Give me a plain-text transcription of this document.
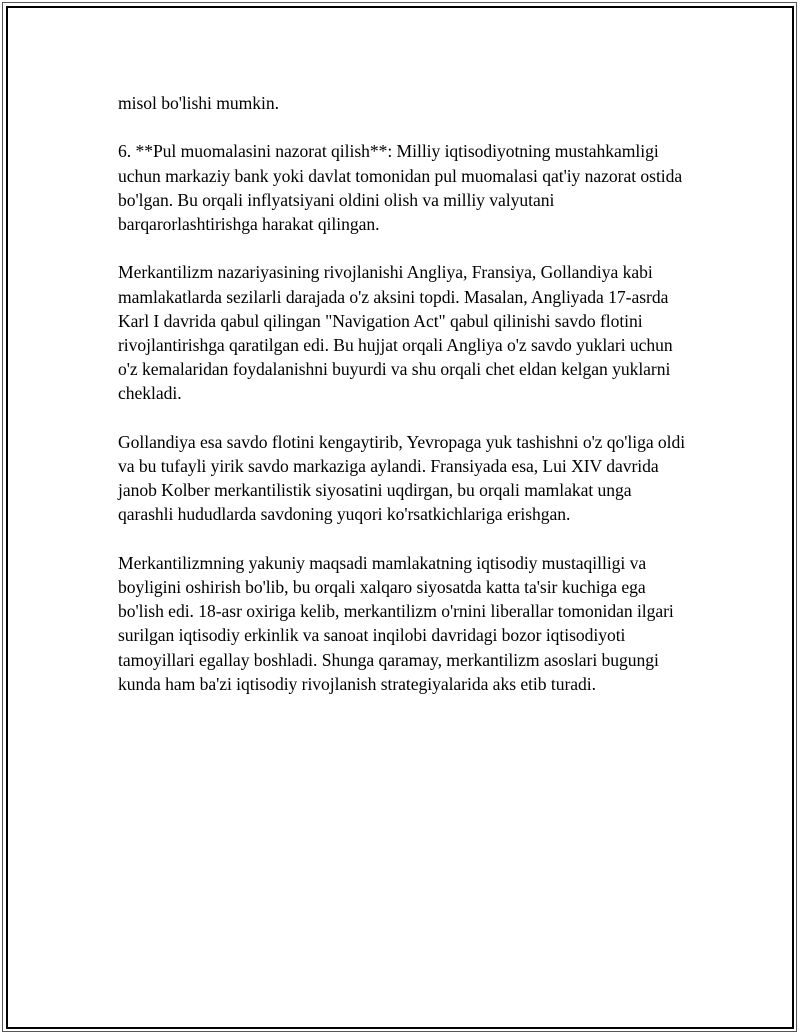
misol bo'lishi mumkin.

6. **Pul muomalasini nazorat qilish**: Milliy iqtisodiyotning mustahkamligi uchun markaziy bank yoki davlat tomonidan pul muomalasi qat'iy nazorat ostida bo'lgan. Bu orqali inflyatsiyani oldini olish va milliy valyutani barqarorlashtirishga harakat qilingan.

Merkantilizm nazariyasining rivojlanishi Angliya, Fransiya, Gollandiya kabi mamlakatlarda sezilarli darajada o'z aksini topdi. Masalan, Angliyada 17-asrda Karl I davrida qabul qilingan "Navigation Act" qabul qilinishi savdo flotini rivojlantirishga qaratilgan edi. Bu hujjat orqali Angliya o'z savdo yuklari uchun o'z kemalaridan foydalanishni buyurdi va shu orqali chet eldan kelgan yuklarni chekladi.

Gollandiya esa savdo flotini kengaytirib, Yevropaga yuk tashishni o'z qo'liga oldi va bu tufayli yirik savdo markaziga aylandi. Fransiyada esa, Lui XIV davrida janob Kolber merkantilistik siyosatini uqdirgan, bu orqali mamlakat unga qarashli hududlarda savdoning yuqori ko'rsatkichlariga erishgan.

Merkantilizmning yakuniy maqsadi mamlakatning iqtisodiy mustaqilligi va boyligini oshirish bo'lib, bu orqali xalqaro siyosatda katta ta'sir kuchiga ega bo'lish edi. 18-asr oxiriga kelib, merkantilizm o'rnini liberallar tomonidan ilgari surilgan iqtisodiy erkinlik va sanoat inqilobi davridagi bozor iqtisodiyoti tamoyillari egallay boshladi. Shunga qaramay, merkantilizm asoslari bugungi kunda ham ba'zi iqtisodiy rivojlanish strategiyalarida aks etib turadi.
